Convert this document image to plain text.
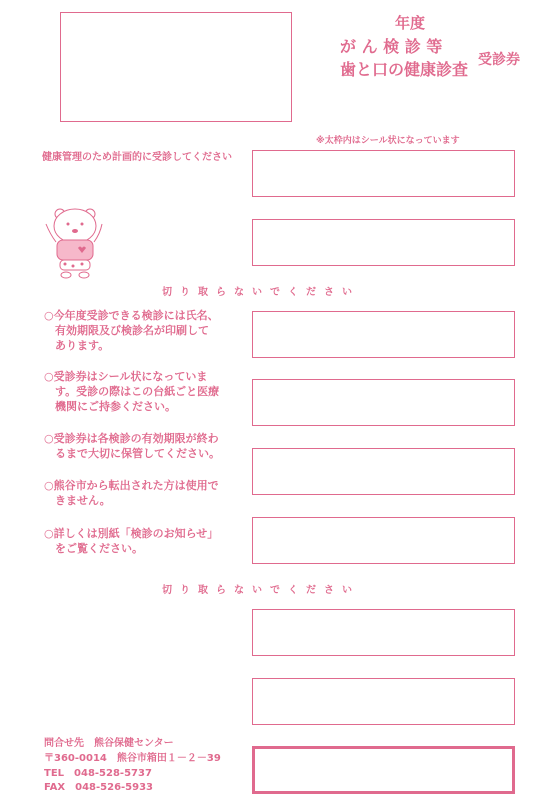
年度
が ん 検 診 等
歯と口の健康診査 受診券
※太枠内はシール状になっています
健康管理のため計画的に受診してください
切り取らないでください
切り取らないでください
○今年度受診できる検診には氏名、
　有効期限及び検診名が印刷して
　あります。
○受診券はシール状になっていま
　す。受診の際はこの台紙ごと医療
　機関にご持参ください。
○受診券は各検診の有効期限が終わ
　るまで大切に保管してください。
○熊谷市から転出された方は使用で
　きません。
○詳しくは別紙「検診のお知らせ」
　をご覧ください。
問合せ先　熊谷保健センター
〒360-0014　熊谷市箱田１－２－39
TEL　048-528-5737
FAX　048-526-5933
